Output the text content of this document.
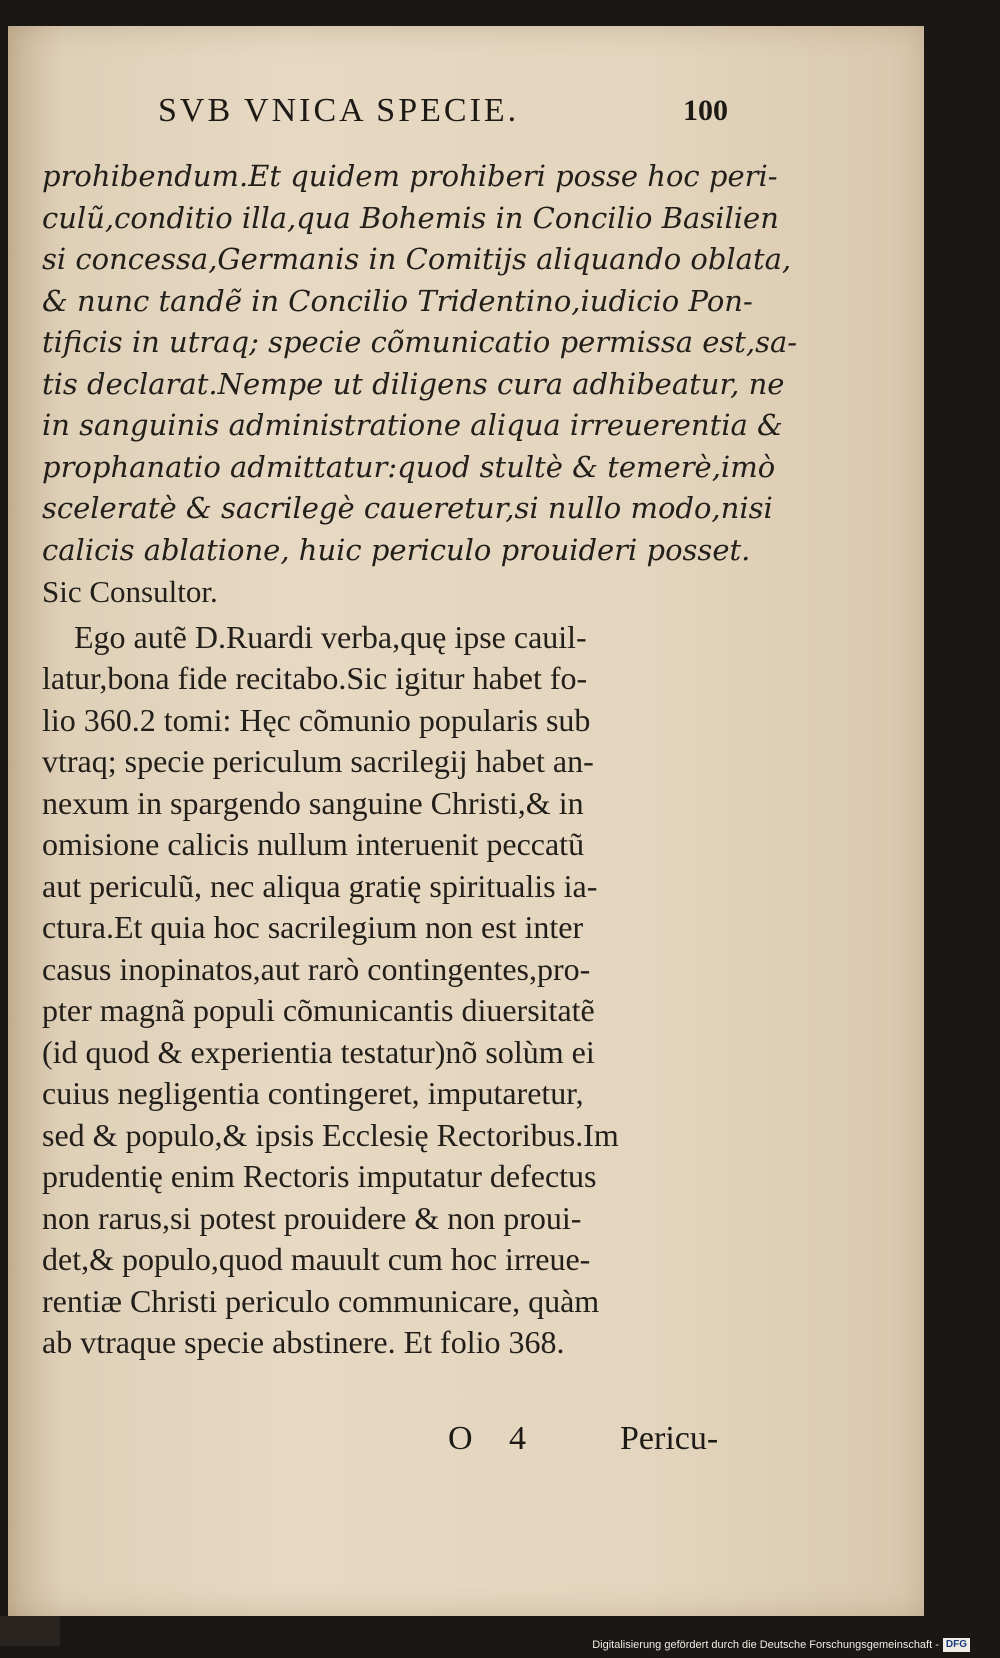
SVB VNICA SPECIE.	100
prohibendum.Et quidem prohiberi posse hoc peri-
culũ,conditio illa,qua Bohemis in Concilio Basilien
si concessa,Germanis in Comitijs aliquando oblata,
& nunc tandẽ in Concilio Tridentino,iudicio Pon-
tificis in utraq; specie cõmunicatio permissa est,sa-
tis declarat.Nempe ut diligens cura adhibeatur, ne
in sanguinis administratione aliqua irreuerentia &
prophanatio admittatur:quod stultè & temerè,imò
sceleratè & sacrilegè caueretur,si nullo modo,nisi
calicis ablatione, huic periculo prouideri posset.
Sic Consultor.
Ego autẽ D.Ruardi verba,quę ipse cauil-
latur,bona fide recitabo.Sic igitur habet fo-
lio 360.2 tomi: Hęc cõmunio popularis sub
vtraq; specie periculum sacrilegij habet an-
nexum in spargendo sanguine Christi,& in
omisione calicis nullum interuenit peccatũ
aut periculũ, nec aliqua gratię spiritualis ia-
ctura.Et quia hoc sacrilegium non est inter
casus inopinatos,aut rarò contingentes,pro-
pter magnã populi cõmunicantis diuersitatẽ
(id quod & experientia testatur)nõ solùm ei
cuius negligentia contingeret, imputaretur,
sed & populo,& ipsis Ecclesię Rectoribus.Im
prudentię enim Rectoris imputatur defectus
non rarus,si potest prouidere & non proui-
det,& populo,quod mauult cum hoc irreue-
rentiæ Christi periculo communicare, quàm
ab vtraque specie abstinere. Et folio 368.
O 4 Pericu-
Digitalisierung gefördert durch die Deutsche Forschungsgemeinschaft - DFG
